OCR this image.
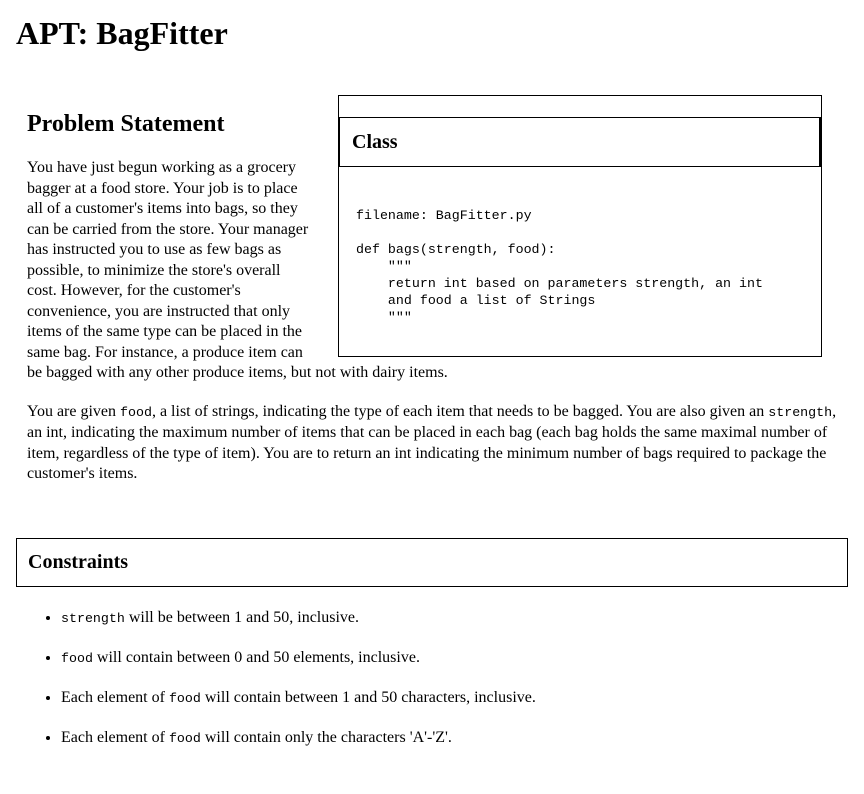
APT: BagFitter
Class
filename: BagFitter.py

def bags(strength, food):
"""
return int based on parameters strength, an int
and food a list of Strings
"""
Problem Statement

You have just begun working as a grocery bagger at a food store. Your job is to place all of a customer's items into bags, so they can be carried from the store. Your manager has instructed you to use as few bags as possible, to minimize the store's overall cost. However, for the customer's convenience, you are instructed that only items of the same type can be placed in the same bag. For instance, a produce item can be bagged with any other produce items, but not with dairy items.

You are given food, a list of strings, indicating the type of each item that needs to be bagged. You are also given an strength, an int, indicating the maximum number of items that can be placed in each bag (each bag holds the same maximal number of item, regardless of the type of item). You are to return an int indicating the minimum number of bags required to package the customer's items.

Constraints
• strength will be between 1 and 50, inclusive.
• food will contain between 0 and 50 elements, inclusive.
• Each element of food will contain between 1 and 50 characters, inclusive.
• Each element of food will contain only the characters 'A'-'Z'.
